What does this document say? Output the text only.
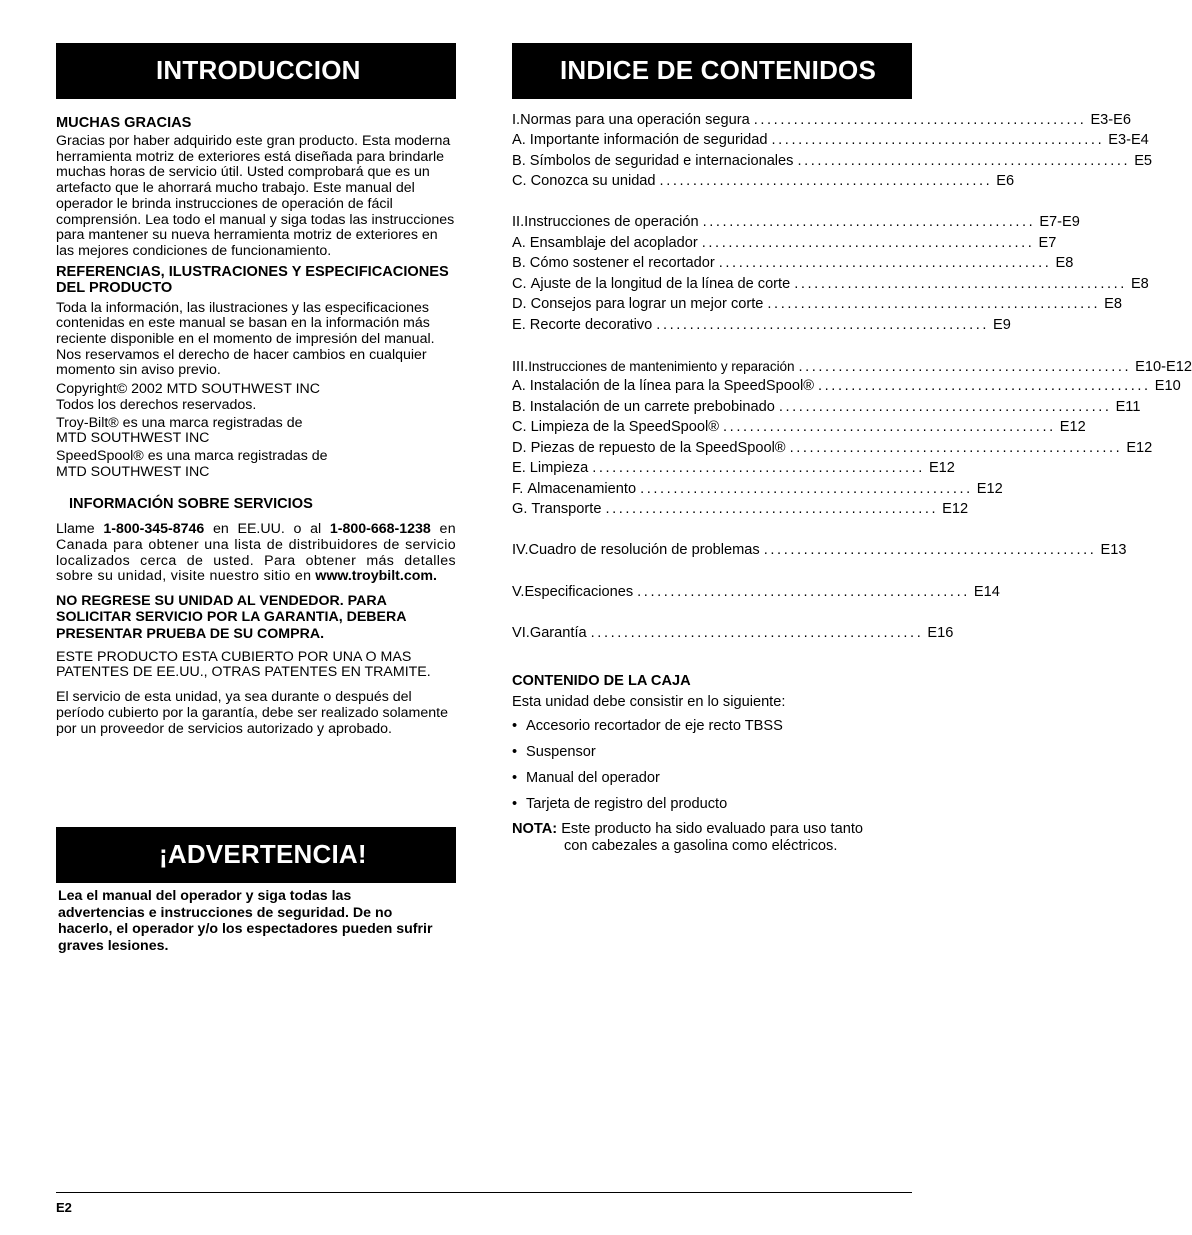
INTRODUCCION
MUCHAS GRACIAS

Gracias por haber adquirido este gran producto. Esta moderna herramienta motriz de exteriores está diseñada para brindarle muchas horas de servicio útil. Usted comprobará que es un artefacto que le ahorrará mucho trabajo. Este manual del operador le brinda instrucciones de operación de fácil comprensión. Lea todo el manual y siga todas las instrucciones para mantener su nueva herramienta motriz de exteriores en las mejores condiciones de funcionamiento.

REFERENCIAS, ILUSTRACIONES Y ESPECIFICACIONES DEL PRODUCTO

Toda la información, las ilustraciones y las especificaciones contenidas en este manual se basan en la información más reciente disponible en el momento de impresión del manual. Nos reservamos el derecho de hacer cambios en cualquier momento sin aviso previo.

Copyright© 2002 MTD SOUTHWEST INC
Todos los derechos reservados.

Troy-Bilt® es una marca registradas de
MTD SOUTHWEST INC

SpeedSpool® es una marca registradas de
MTD SOUTHWEST INC

INFORMACIÓN SOBRE SERVICIOS

Llame 1-800-345-8746 en EE.UU. o al 1-800-668-1238 en Canada para obtener una lista de distribuidores de servicio localizados cerca de usted. Para obtener más detalles sobre su unidad, visite nuestro sitio en www.troybilt.com.

NO REGRESE SU UNIDAD AL VENDEDOR. PARA SOLICITAR SERVICIO POR LA GARANTIA, DEBERA PRESENTAR PRUEBA DE SU COMPRA.

ESTE PRODUCTO ESTA CUBIERTO POR UNA O MAS PATENTES DE EE.UU., OTRAS PATENTES EN TRAMITE.

El servicio de esta unidad, ya sea durante o después del período cubierto por la garantía, debe ser realizado solamente por un proveedor de servicios autorizado y aprobado.

¡ADVERTENCIA!

Lea el manual del operador y siga todas las advertencias e instrucciones de seguridad. De no hacerlo, el operador y/o los espectadores pueden sufrir graves lesiones.

INDICE DE CONTENIDOS
I. Normas para una operación segura .................................................. E3-E6
A. Importante información de seguridad .................................................. E3-E4
B. Símbolos de seguridad e internacionales .................................................. E5
C. Conozca su unidad .................................................. E6
II. Instrucciones de operación .................................................. E7-E9
A. Ensamblaje del acoplador .................................................. E7
B. Cómo sostener el recortador .................................................. E8
C. Ajuste de la longitud de la línea de corte .................................................. E8
D. Consejos para lograr un mejor corte .................................................. E8
E. Recorte decorativo .................................................. E9
III. Instrucciones de mantenimiento y reparación .................................................. E10-E12
A. Instalación de la línea para la SpeedSpool® .................................................. E10
B. Instalación de un carrete prebobinado .................................................. E11
C. Limpieza de la SpeedSpool® .................................................. E12
D. Piezas de repuesto de la SpeedSpool® .................................................. E12
E. Limpieza .................................................. E12
F. Almacenamiento .................................................. E12
G. Transporte .................................................. E12
IV. Cuadro de resolución de problemas .................................................. E13
V. Especificaciones .................................................. E14
VI. Garantía .................................................. E16
CONTENIDO DE LA CAJA

Esta unidad debe consistir en lo siguiente:

• Accesorio recortador de eje recto TBSS
• Suspensor
• Manual del operador
• Tarjeta de registro del producto
NOTA: Este producto ha sido evaluado para uso tanto
con cabezales a gasolina como eléctricos.
E2
